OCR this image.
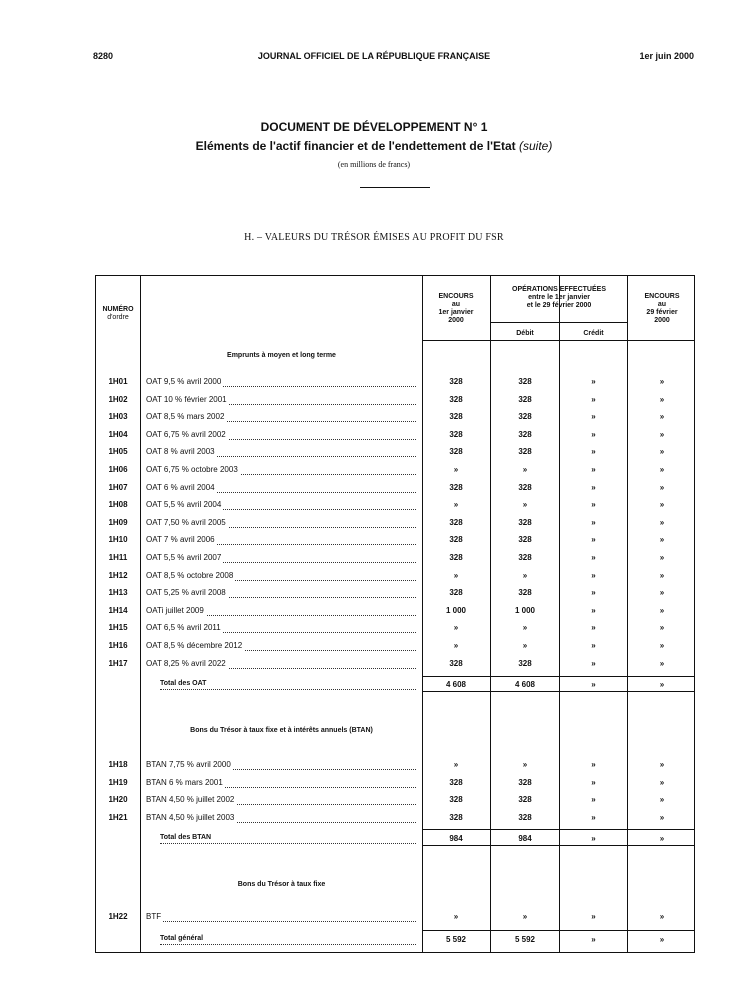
8280	JOURNAL OFFICIEL DE LA RÉPUBLIQUE FRANÇAISE	1er juin 2000
DOCUMENT DE DÉVELOPPEMENT N° 1
Eléments de l'actif financier et de l'endettement de l'Etat (suite)
(en millions de francs)
H. – VALEURS DU TRÉSOR ÉMISES AU PROFIT DU FSR
NUMÉRO
d'ordre
ENCOURS
au
1er janvier
2000
OPÉRATIONS EFFECTUÉES
entre le 1er janvier
et le 29 février 2000
Débit	Crédit
ENCOURS
au
29 février
2000
Emprunts à moyen et long terme
1H01	OAT 9,5 % avril 2000	328	328	»	»
1H02	OAT 10 % février 2001	328	328	»	»
1H03	OAT 8,5 % mars 2002	328	328	»	»
1H04	OAT 6,75 % avril 2002	328	328	»	»
1H05	OAT 8 % avril 2003	328	328	»	»
1H06	OAT 6,75 % octobre 2003	»	»	»	»
1H07	OAT 6 % avril 2004	328	328	»	»
1H08	OAT 5,5 % avril 2004	»	»	»	»
1H09	OAT 7,50 % avril 2005	328	328	»	»
1H10	OAT 7 % avril 2006	328	328	»	»
1H11	OAT 5,5 % avril 2007	328	328	»	»
1H12	OAT 8,5 % octobre 2008	»	»	»	»
1H13	OAT 5,25 % avril 2008	328	328	»	»
1H14	OATi juillet 2009	1 000	1 000	»	»
1H15	OAT 6,5 % avril 2011	»	»	»	»
1H16	OAT 8,5 % décembre 2012	»	»	»	»
1H17	OAT 8,25 % avril 2022	328	328	»	»
Total des OAT	4 608	4 608	»	»
Bons du Trésor à taux fixe et à intérêts annuels (BTAN)
1H18	BTAN 7,75 % avril 2000	»	»	»	»
1H19	BTAN 6 % mars 2001	328	328	»	»
1H20	BTAN 4,50 % juillet 2002	328	328	»	»
1H21	BTAN 4,50 % juillet 2003	328	328	»	»
Total des BTAN	984	984	»	»
Bons du Trésor à taux fixe
1H22	BTF	»	»	»	»
Total général	5 592	5 592	»	»
